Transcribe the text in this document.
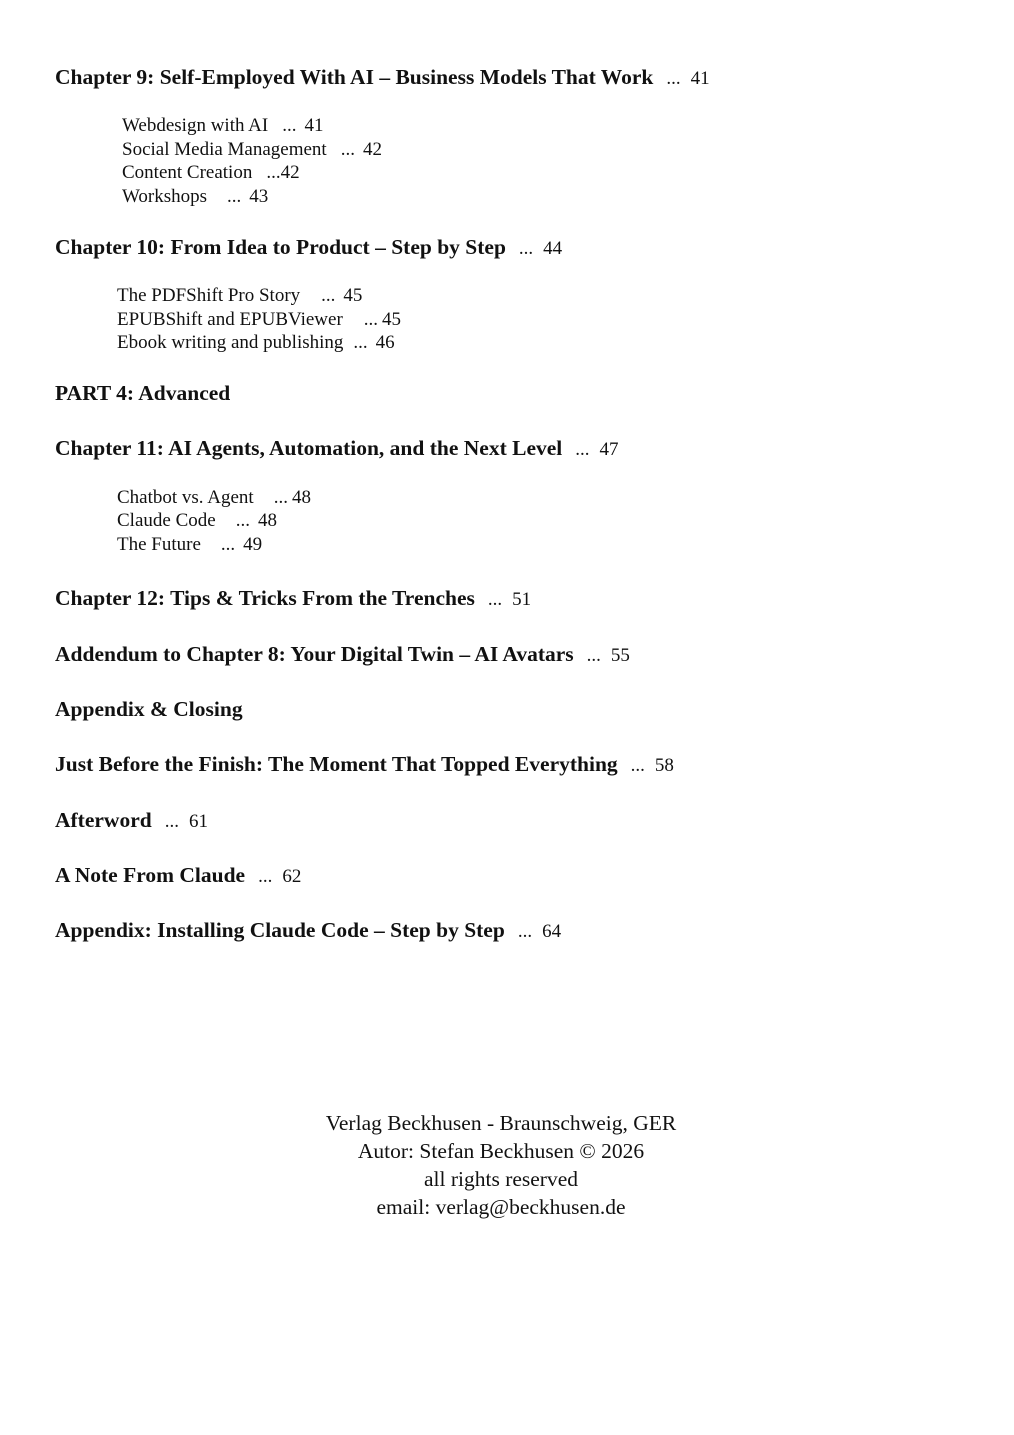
Chapter 9: Self-Employed With AI – Business Models That Work ... 41
Webdesign with AI ... 41
Social Media Management ... 42
Content Creation ...42
Workshops ... 43
Chapter 10: From Idea to Product – Step by Step ... 44
The PDFShift Pro Story ... 45
EPUBShift and EPUBViewer ... 45
Ebook writing and publishing ... 46
PART 4: Advanced
Chapter 11: AI Agents, Automation, and the Next Level ... 47
Chatbot vs. Agent ... 48
Claude Code ... 48
The Future ... 49
Chapter 12: Tips & Tricks From the Trenches ... 51
Addendum to Chapter 8: Your Digital Twin – AI Avatars ... 55
Appendix & Closing
Just Before the Finish: The Moment That Topped Everything ... 58
Afterword ... 61
A Note From Claude ... 62
Appendix: Installing Claude Code – Step by Step ... 64
Verlag Beckhusen - Braunschweig, GER
Autor: Stefan Beckhusen © 2026
all rights reserved
email: verlag@beckhusen.de
